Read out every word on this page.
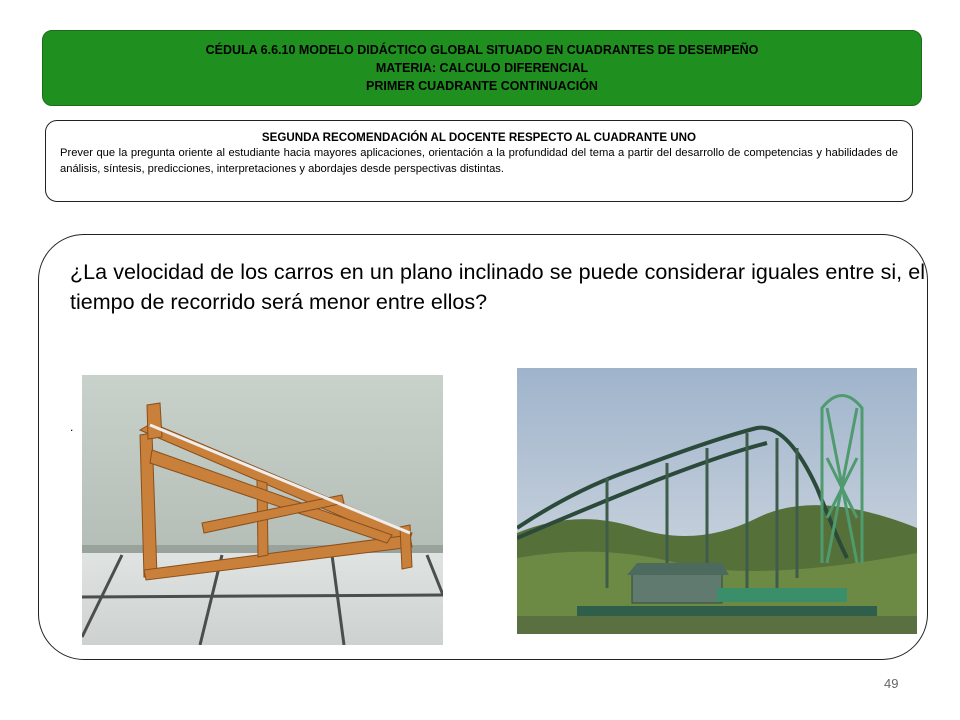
CÉDULA 6.6.10 MODELO DIDÁCTICO GLOBAL SITUADO EN CUADRANTES DE DESEMPEÑO
MATERIA: CALCULO DIFERENCIAL
PRIMER CUADRANTE CONTINUACIÓN
SEGUNDA RECOMENDACIÓN AL DOCENTE RESPECTO AL CUADRANTE UNO
Prever que la pregunta oriente al estudiante hacia mayores aplicaciones, orientación a la profundidad del tema a partir del desarrollo de competencias y habilidades de análisis, síntesis, predicciones, interpretaciones y abordajes desde perspectivas distintas.
¿La velocidad de los carros en un plano inclinado se puede considerar iguales entre si, el tiempo de recorrido será menor entre ellos?
.
49
